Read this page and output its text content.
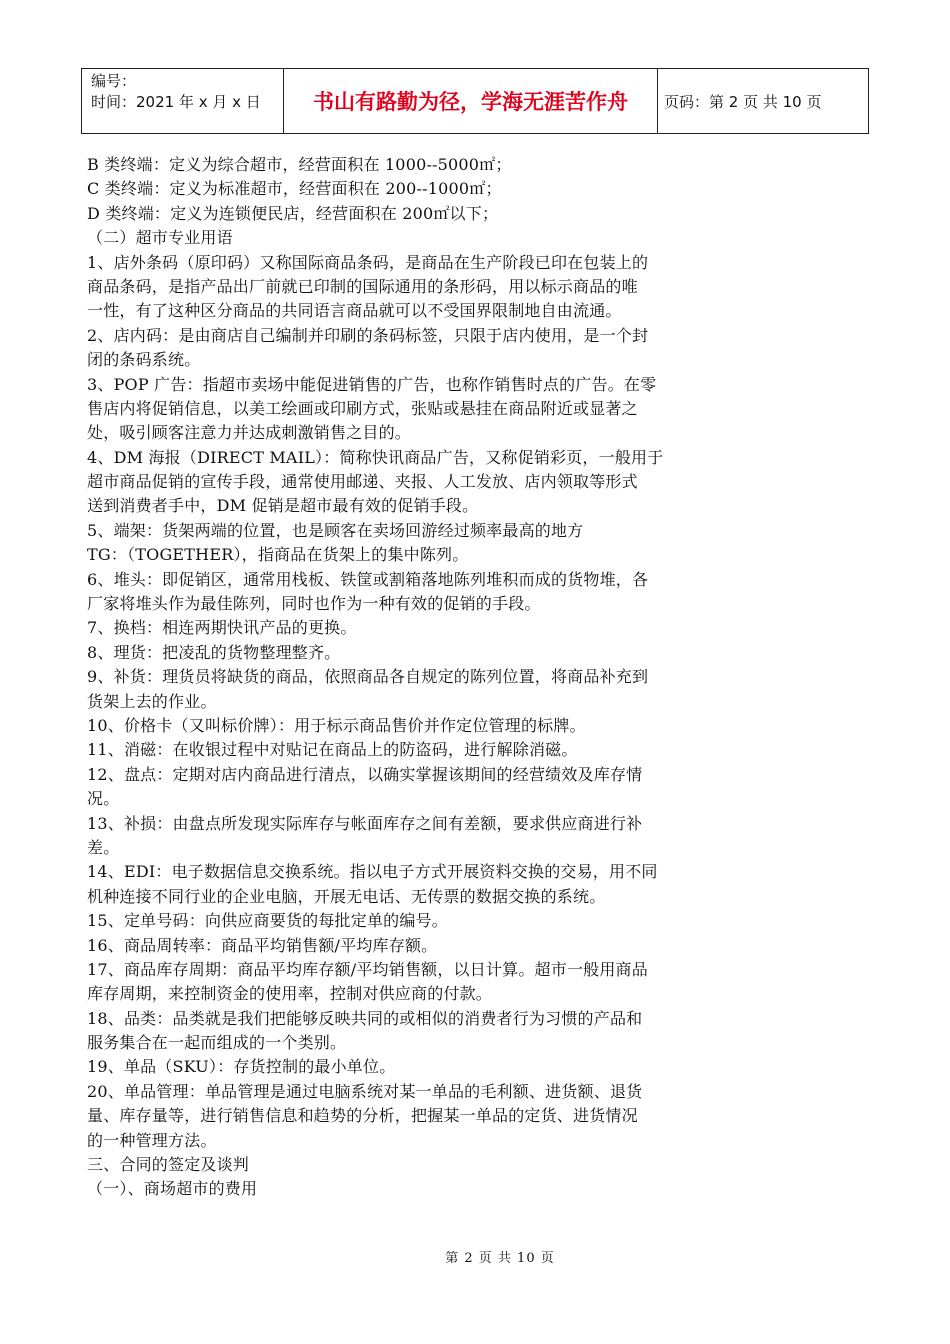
编号：
时间：2021 年 x 月 x 日	书山有路勤为径，学海无涯苦作舟	页码：第 2 页 共 10 页
B 类终端：定义为综合超市，经营面积在 1000--5000㎡；
C 类终端：定义为标准超市，经营面积在 200--1000㎡；
D 类终端：定义为连锁便民店，经营面积在 200㎡以下；
（二）超市专业用语
1、店外条码（原印码）又称国际商品条码，是商品在生产阶段已印在包装上的
商品条码，是指产品出厂前就已印制的国际通用的条形码，用以标示商品的唯
一性，有了这种区分商品的共同语言商品就可以不受国界限制地自由流通。
2、店内码：是由商店自己编制并印刷的条码标签，只限于店内使用，是一个封
闭的条码系统。
3、POP 广告：指超市卖场中能促进销售的广告，也称作销售时点的广告。在零
售店内将促销信息，以美工绘画或印刷方式，张贴或悬挂在商品附近或显著之
处，吸引顾客注意力并达成刺激销售之目的。
4、DM 海报（DIRECT MAIL）：简称快讯商品广告，又称促销彩页，一般用于
超市商品促销的宣传手段，通常使用邮递、夹报、人工发放、店内领取等形式
送到消费者手中，DM 促销是超市最有效的促销手段。
5、端架：货架两端的位置，也是顾客在卖场回游经过频率最高的地方
TG：（TOGETHER），指商品在货架上的集中陈列。
6、堆头：即促销区，通常用栈板、铁筐或割箱落地陈列堆积而成的货物堆，各
厂家将堆头作为最佳陈列，同时也作为一种有效的促销的手段。
7、换档：相连两期快讯产品的更换。
8、理货：把凌乱的货物整理整齐。
9、补货：理货员将缺货的商品，依照商品各自规定的陈列位置，将商品补充到
货架上去的作业。
10、价格卡（又叫标价牌）：用于标示商品售价并作定位管理的标牌。
11、消磁：在收银过程中对贴记在商品上的防盗码，进行解除消磁。
12、盘点：定期对店内商品进行清点，以确实掌握该期间的经营绩效及库存情
况。
13、补损：由盘点所发现实际库存与帐面库存之间有差额，要求供应商进行补
差。
14、EDI：电子数据信息交换系统。指以电子方式开展资料交换的交易，用不同
机种连接不同行业的企业电脑，开展无电话、无传票的数据交换的系统。
15、定单号码：向供应商要货的每批定单的编号。
16、商品周转率：商品平均销售额/平均库存额。
17、商品库存周期：商品平均库存额/平均销售额，以日计算。超市一般用商品
库存周期，来控制资金的使用率，控制对供应商的付款。
18、品类：品类就是我们把能够反映共同的或相似的消费者行为习惯的产品和
服务集合在一起而组成的一个类别。
19、单品（SKU）：存货控制的最小单位。
20、单品管理：单品管理是通过电脑系统对某一单品的毛利额、进货额、退货
量、库存量等，进行销售信息和趋势的分析，把握某一单品的定货、进货情况
的一种管理方法。
三、合同的签定及谈判
（一）、商场超市的费用
第 2 页 共 10 页
